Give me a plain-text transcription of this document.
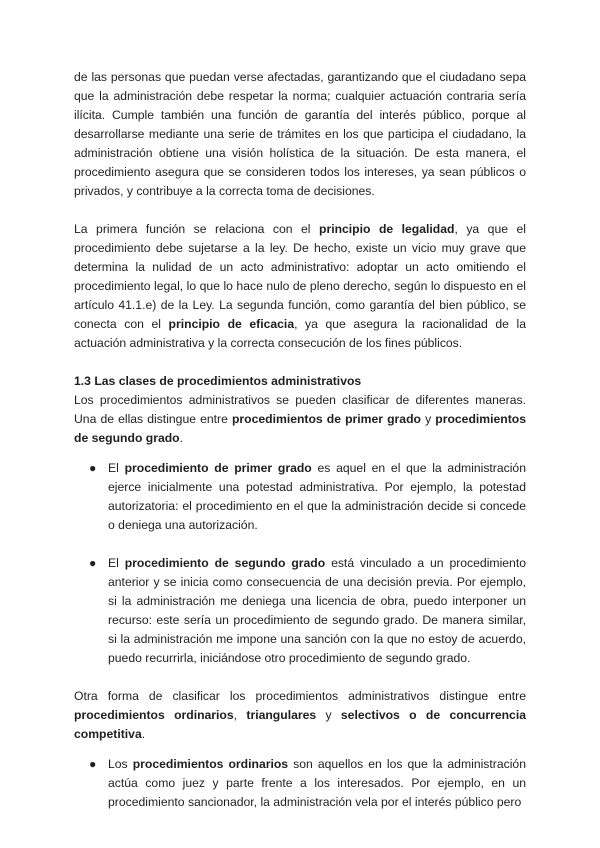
de las personas que puedan verse afectadas, garantizando que el ciudadano sepa que la administración debe respetar la norma; cualquier actuación contraria sería ilícita. Cumple también una función de garantía del interés público, porque al desarrollarse mediante una serie de trámites en los que participa el ciudadano, la administración obtiene una visión holística de la situación. De esta manera, el procedimiento asegura que se consideren todos los intereses, ya sean públicos o privados, y contribuye a la correcta toma de decisiones.

La primera función se relaciona con el principio de legalidad, ya que el procedimiento debe sujetarse a la ley. De hecho, existe un vicio muy grave que determina la nulidad de un acto administrativo: adoptar un acto omitiendo el procedimiento legal, lo que lo hace nulo de pleno derecho, según lo dispuesto en el artículo 41.1.e) de la Ley. La segunda función, como garantía del bien público, se conecta con el principio de eficacia, ya que asegura la racionalidad de la actuación administrativa y la correcta consecución de los fines públicos.

1.3 Las clases de procedimientos administrativos

Los procedimientos administrativos se pueden clasificar de diferentes maneras. Una de ellas distingue entre procedimientos de primer grado y procedimientos de segundo grado.

● El procedimiento de primer grado es aquel en el que la administración ejerce inicialmente una potestad administrativa. Por ejemplo, la potestad autorizatoria: el procedimiento en el que la administración decide si concede o deniega una autorización.
● El procedimiento de segundo grado está vinculado a un procedimiento anterior y se inicia como consecuencia de una decisión previa. Por ejemplo, si la administración me deniega una licencia de obra, puedo interponer un recurso: este sería un procedimiento de segundo grado. De manera similar, si la administración me impone una sanción con la que no estoy de acuerdo, puedo recurrirla, iniciándose otro procedimiento de segundo grado.

Otra forma de clasificar los procedimientos administrativos distingue entre procedimientos ordinarios, triangulares y selectivos o de concurrencia competitiva.

● Los procedimientos ordinarios son aquellos en los que la administración actúa como juez y parte frente a los interesados. Por ejemplo, en un procedimiento sancionador, la administración vela por el interés público pero
